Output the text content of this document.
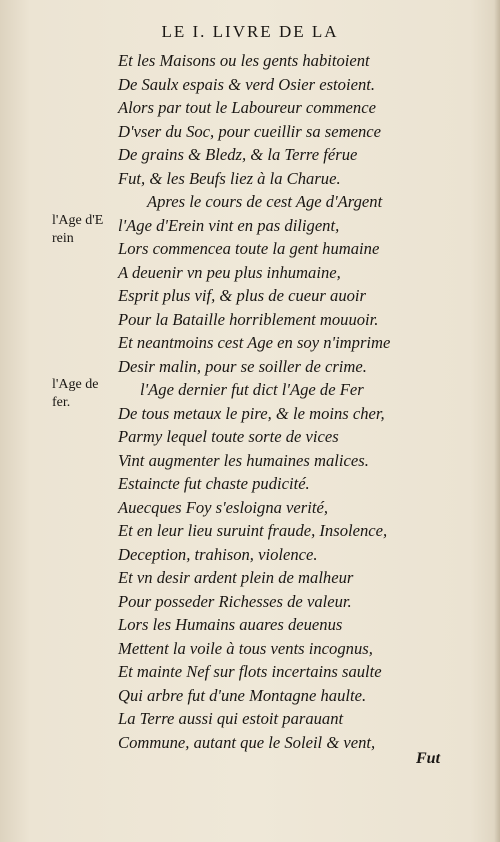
LE I. LIVRE DE LA
l'Age d'E
rein
l'Age de
fer.
Et les Maisons ou les gents habitoient
De Saulx espais & verd Osier estoient.
Alors par tout le Laboureur commence
D'vser du Soc, pour cueillir sa semence
De grains & Bledz, & la Terre férue
Fut, & les Beufs liez à la Charue.
Apres le cours de cest Age d'Argent
l'Age d'Erein vint en pas diligent,
Lors commencea toute la gent humaine
A deuenir vn peu plus inhumaine,
Esprit plus vif, & plus de cueur auoir
Pour la Bataille horriblement mouuoir.
Et neantmoins cest Age en soy n'imprime
Desir malin, pour se soiller de crime.
l'Age dernier fut dict l'Age de Fer
De tous metaux le pire, & le moins cher,
Parmy lequel toute sorte de vices
Vint augmenter les humaines malices.
Estaincte fut chaste pudicité.
Auecques Foy s'esloigna verité,
Et en leur lieu suruint fraude, Insolence,
Deception, trahison, violence.
Et vn desir ardent plein de malheur
Pour posseder Richesses de valeur.
Lors les Humains auares deuenus
Mettent la voile à tous vents incognus,
Et mainte Nef sur flots incertains saulte
Qui arbre fut d'une Montagne haulte.
La Terre aussi qui estoit parauant
Commune, autant que le Soleil & vent,
Fut
